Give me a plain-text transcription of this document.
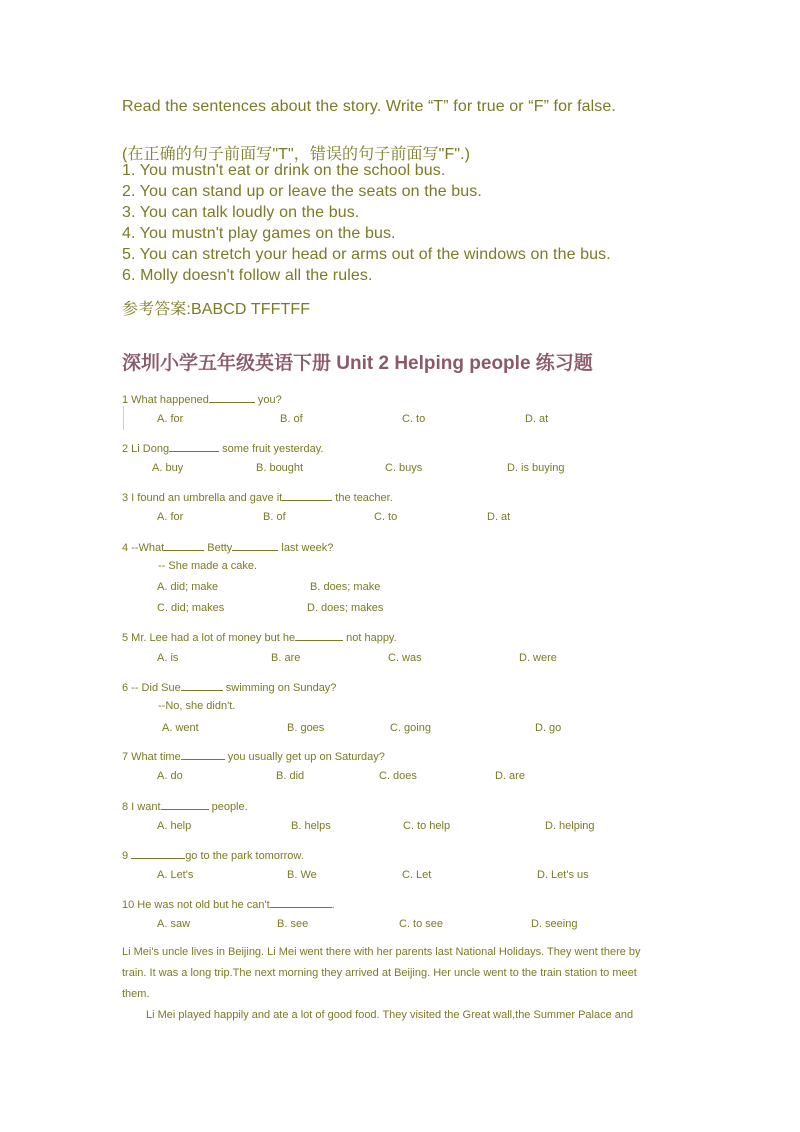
Read the sentences about the story. Write “T” for true or “F” for false.
(在正确的句子前面写"T"，错误的句子前面写"F".)
1. You mustn't eat or drink on the school bus.
2. You can stand up or leave the seats on the bus.
3. You can talk loudly on the bus.
4. You mustn't play games on the bus.
5. You can stretch your head or arms out of the windows on the bus.
6. Molly doesn't follow all the rules.
参考答案:BABCD TFFTFF
深圳小学五年级英语下册 Unit 2 Helping people 练习题
1 What happened	you?
A. for	B. of	C. to	D. at
2 Li Dong	some fruit yesterday.
A. buy	B. bought	C. buys	D. is buying
3 I found an umbrella and gave it	the teacher.
A. for	B. of	C. to	D. at
4 --What	Betty	last week?
-- She made a cake.
A. did; make	B. does; make
C. did; makes	D. does; makes
5 Mr. Lee had a lot of money but he	not happy.
A. is	B. are	C. was	D. were
6 -- Did Sue	swimming on Sunday?
--No, she didn't.
A. went	B. goes	C. going	D. go
7 What time	you usually get up on Saturday?
A. do	B. did	C. does	D. are
8 I want	people.
A. help	B. helps	C. to help	D. helping
9	go to the park tomorrow.
A. Let's	B. We	C. Let	D. Let's us
10 He was not old but he can't	.
A. saw	B. see	C. to see	D. seeing
Li Mei's uncle lives in Beijing. Li Mei went there with her parents last National Holidays. They went there by train. It was a long trip.The next morning they arrived at Beijing. Her uncle went to the train station to meet them.
Li Mei played happily and ate a lot of good food. They visited the Great wall,the Summer Palace and
